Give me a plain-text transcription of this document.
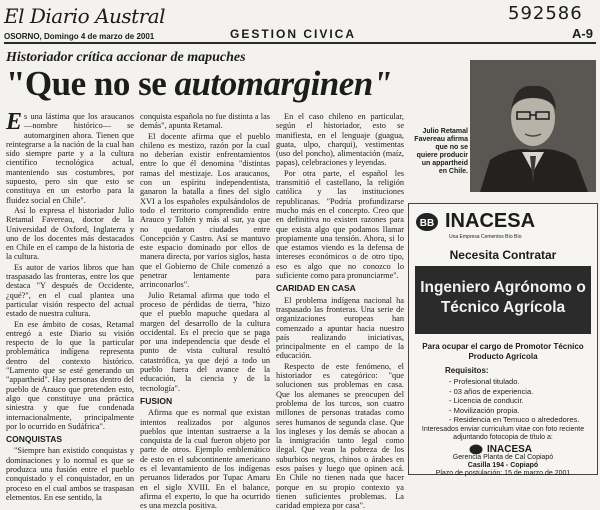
El Diario Austral	592586
OSORNO, Domingo 4 de marzo de 2001	GESTION CIVICA	A-9
Historiador crítica accionar de mapuches
"Que no se automarginen"

Es una lástima que los araucanos —nombre histórico— se automarginen ahora. Tienen que reintegrarse a la nación de la cual han sido siempre parte y a la cultura científico tecnológica actual, manteniendo sus costumbres, por supuesto, pero sin que esto se constituya en un estorbo para la fluidez social en Chile".

Así lo expresa el historiador Julio Retamal Favereau, doctor de la Universidad de Oxford, Inglaterra y uno de los docentes más destacados en Chile en el campo de la historia de la cultura.

Es autor de varios libros que han traspasado las fronteras, entre los que destaca "Y después de Occidente, ¿qué?", en el cual plantea una particular visión respecto del actual estado de nuestra cultura.

En ese ámbito de cosas, Retamal entregó a este Diario su visión respecto de lo que la particular problemática indígena representa dentro del contexto histórico. "Lamento que se esté generando un "appartheid". Hay personas dentro del pueblo de Arauco que pretenden esto, algo que constituye una práctica siniestra y que fue condenada internacionalmente, principalmente por lo ocurrido en Sudáfrica".

CONQUISTAS

"Siempre han existido conquistas y dominaciones y lo normal es que se produzca una fusión entre el pueblo conquistado y el conquistador, en un proceso en el cual ambos se traspasan elementos. En ese sentido, la

conquista española no fue distinta a las demás", apunta Retamal.

El docente afirma que el pueblo chileno es mestizo, razón por la cual no deberían existir enfrentamientos entre lo que él denomina "distintas ramas del mestizaje. Los araucanos, con un espíritu independentista, ganaron la batalla a fines del siglo XVI a los españoles expulsándolos de todo el territorio comprendido entre Arauco y Toltén y más al sur, ya que no quedaron ciudades entre Concepción y Castro. Así se mantuvo este espacio dominado por ellos de manera directa, por varios siglos, hasta que el Gobierno de Chile comenzó a penetrar lentamente para arrinconarlos".

Julio Retamal afirma que todo el proceso de pérdidas de tierra, "hizo que el pueblo mapuche quedara al margen del desarrollo de la cultura occidental. Es el precio que se paga por una independencia que desde el punto de vista cultural resultó catastrófica, ya que dejó a todo un pueblo fuera del avance de la educación, la ciencia y de la tecnología".

FUSION

Afirma que es normal que existan intentos realizados por algunos pueblos que intentan sustraerse a la conquista de la cual fueron objeto por parte de otros. Ejemplo emblemático de esto en el subcontinente americano es el levantamiento de los indígenas peruanos liderados por Tupac Amaru en el siglo XVIII. En el balance, afirma el experto, lo que ha ocurrido es una mezcla positiva.

En el caso chileno en particular, según el historiador, esto se manifiesta, en el lenguaje (guagua, guata, ulpo, charqui), vestimentas (uso del poncho), alimentación (maíz, papas), celebraciones y leyendas.

Por otra parte, el español les transmitió el castellano, la religión católica y las instituciones republicanas. "Podría profundizarse mucho más en el concepto. Creo que en definitiva no existen razones para que exista algo que podamos llamar propiamente una tensión. Ahora, si lo que estamos viendo es la defensa de intereses económicos o de otro tipo, eso es algo que no conozco lo suficiente como para pronunciarme".

CARIDAD EN CASA

El problema indígena nacional ha traspasado las fronteras. Una serie de organizaciones europeas han comenzado a apuntar hacia nuestro país realizando iniciativas, principalmente en el campo de la educación.

Respecto de este fenómeno, el historiador es categórico: "que solucionen sus problemas en casa. Que los alemanes se preocupen del problema de los turcos, son cuatro millones de personas tratadas como seres humanos de segunda clase. Que los ingleses y los demás se abocan a la inmigración tanto legal como ilegal. Que vean la pobreza de los suburbios negros, chinos o árabes en esos países y luego que opinen acá. En Chile no tienen nada que hacer porque en su propio contexto ya tienen suficientes problemas. La caridad empieza por casa".

Julio Retamal Favereau afirma que no se quiere producir un appartheid en Chile.
BB INACESA
Una Empresa Cementos Bío Bío
Necesita Contratar
Ingeniero Agrónomo o
Técnico Agrícola
Para ocupar el cargo de Promotor Técnico Producto Agrícola
Requisitos:
- Profesional titulado.
- 03 años de experiencia.
- Licencia de conducir.
- Movilización propia.
- Residencia en Temuco o alrededores.
Interesados enviar curriculum vitae con foto reciente adjuntando fotocopia de título a:
INACESA
Gerencia Planta de Cal Copiapó
Casilla 194 - Copiapó
Plazo de postulación: 15 de marzo de 2001
